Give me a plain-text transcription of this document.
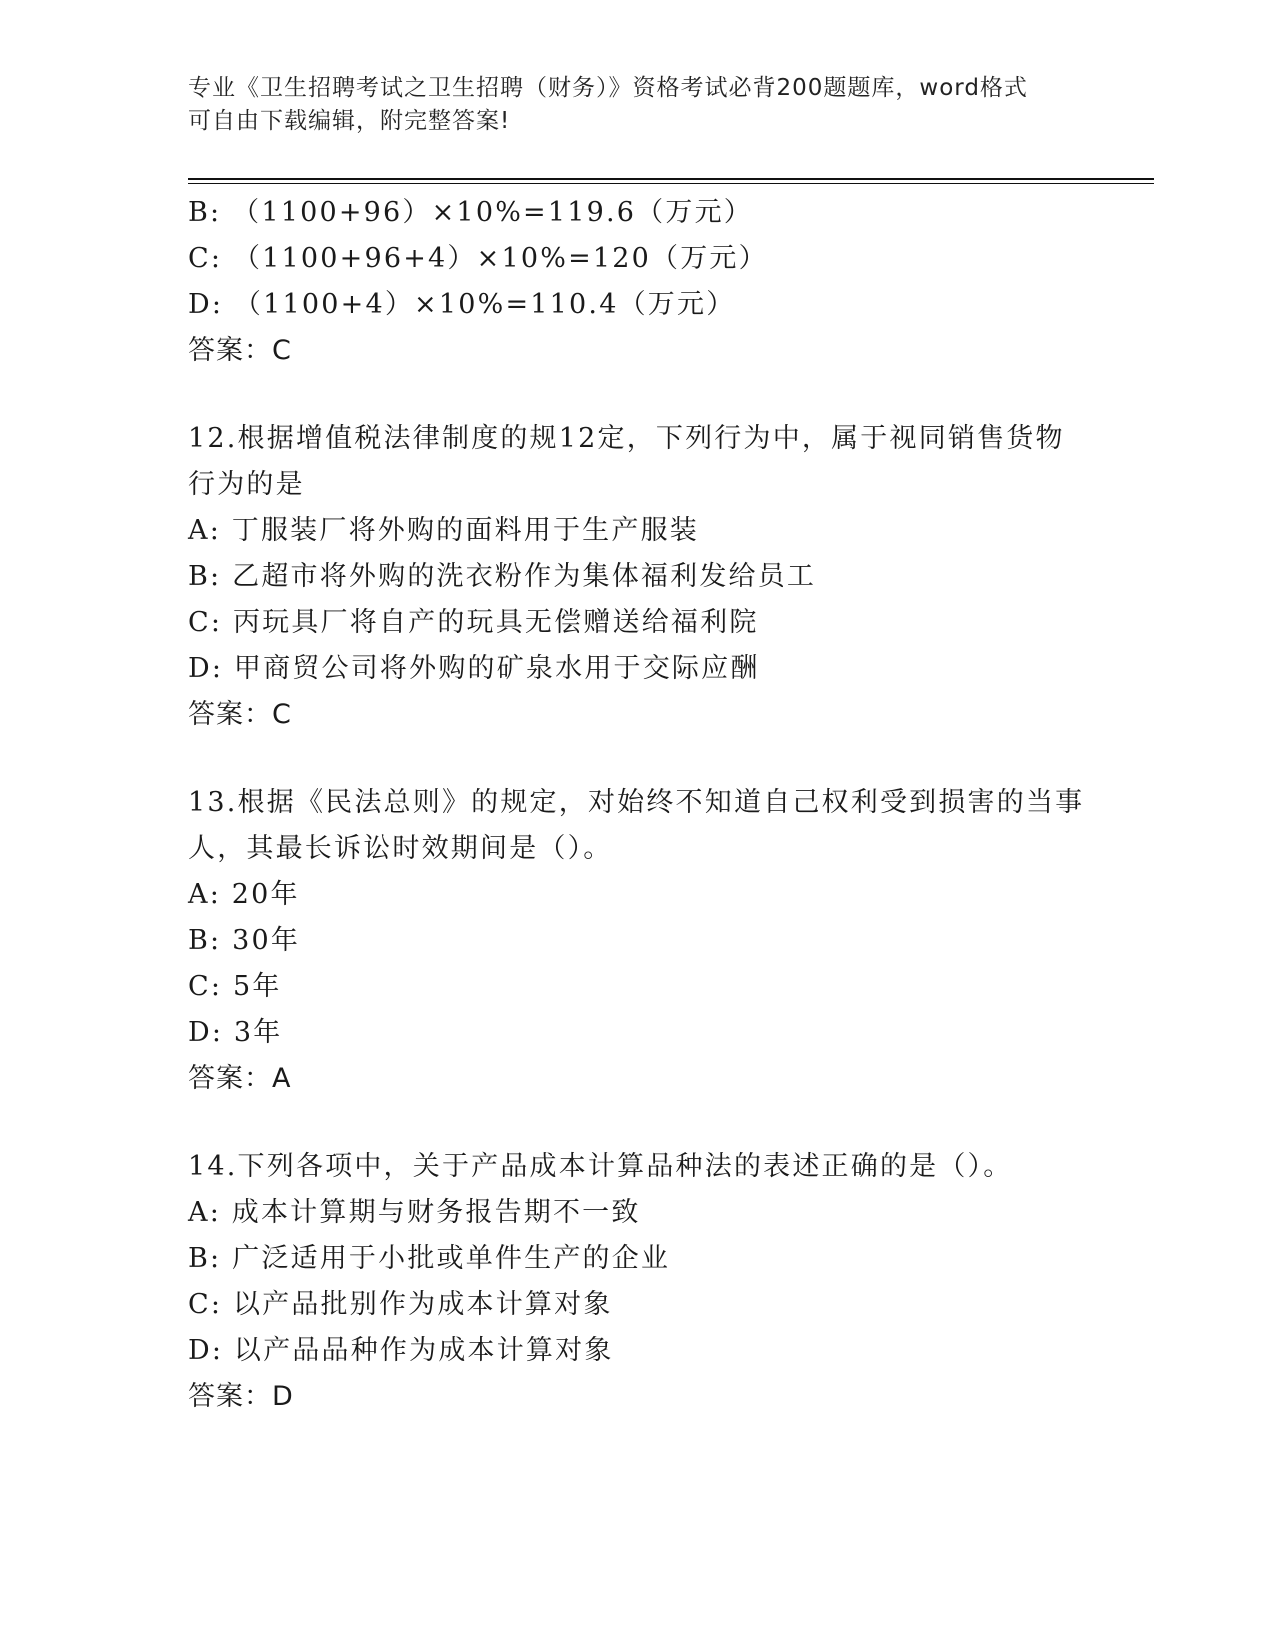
专业《卫生招聘考试之卫生招聘（财务）》资格考试必背200题题库，word格式
可自由下载编辑，附完整答案!
B: （1100+96）×10%=119.6（万元）
C: （1100+96+4）×10%=120（万元）
D: （1100+4）×10%=110.4（万元）
答案：C
12.根据增值税法律制度的规12定，下列行为中，属于视同销售货物
行为的是
A: 丁服装厂将外购的面料用于生产服装
B: 乙超市将外购的洗衣粉作为集体福利发给员工
C: 丙玩具厂将自产的玩具无偿赠送给福利院
D: 甲商贸公司将外购的矿泉水用于交际应酬
答案：C
13.根据《民法总则》的规定，对始终不知道自己权利受到损害的当事
人，其最长诉讼时效期间是（）。
A: 20年
B: 30年
C: 5年
D: 3年
答案：A
14.下列各项中，关于产品成本计算品种法的表述正确的是（）。
A: 成本计算期与财务报告期不一致
B: 广泛适用于小批或单件生产的企业
C: 以产品批别作为成本计算对象
D: 以产品品种作为成本计算对象
答案：D
